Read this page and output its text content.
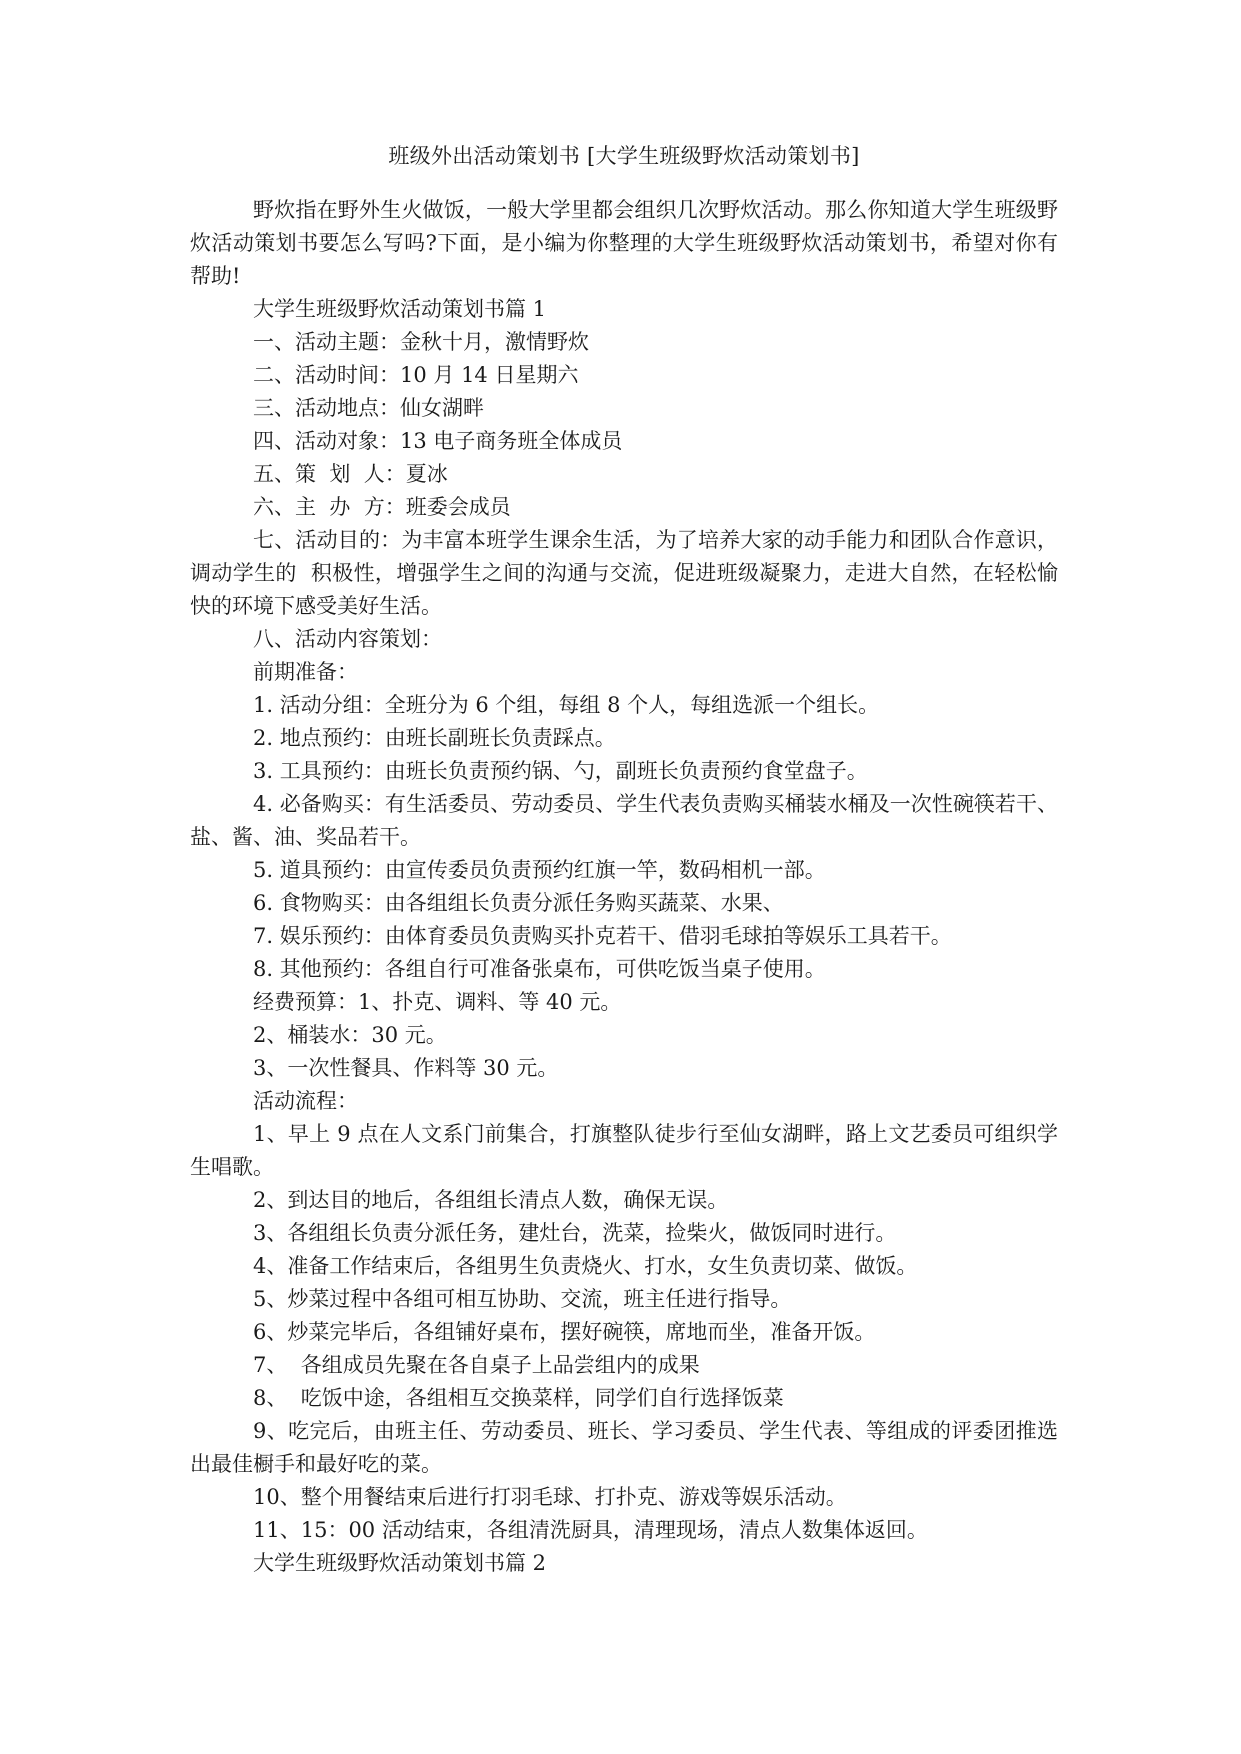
班级外出活动策划书 [大学生班级野炊活动策划书]

野炊指在野外生火做饭，一般大学里都会组织几次野炊活动。那么你知道大学生班级野炊活动策划书要怎么写吗?下面，是小编为你整理的大学生班级野炊活动策划书，希望对你有帮助!

大学生班级野炊活动策划书篇 1

一、活动主题：金秋十月，激情野炊

二、活动时间：10 月 14 日星期六

三、活动地点：仙女湖畔

四、活动对象：13 电子商务班全体成员

五、策  划  人：夏冰

六、主  办  方：班委会成员

七、活动目的：为丰富本班学生课余生活，为了培养大家的动手能力和团队合作意识，调动学生的  积极性，增强学生之间的沟通与交流，促进班级凝聚力，走进大自然，在轻松愉快的环境下感受美好生活。

八、活动内容策划：

前期准备：

1. 活动分组：全班分为 6 个组，每组 8 个人，每组选派一个组长。

2. 地点预约：由班长副班长负责踩点。

3. 工具预约：由班长负责预约锅、勺，副班长负责预约食堂盘子。

4. 必备购买：有生活委员、劳动委员、学生代表负责购买桶装水桶及一次性碗筷若干、盐、酱、油、奖品若干。

5. 道具预约：由宣传委员负责预约红旗一竿，数码相机一部。

6. 食物购买：由各组组长负责分派任务购买蔬菜、水果、

7. 娱乐预约：由体育委员负责购买扑克若干、借羽毛球拍等娱乐工具若干。

8. 其他预约：各组自行可准备张桌布，可供吃饭当桌子使用。

经费预算：1、扑克、调料、等 40 元。

2、桶装水：30 元。

3、一次性餐具、作料等 30 元。

活动流程：

1、早上 9 点在人文系门前集合，打旗整队徒步行至仙女湖畔，路上文艺委员可组织学生唱歌。

2、到达目的地后，各组组长清点人数，确保无误。

3、各组组长负责分派任务，建灶台，洗菜，捡柴火，做饭同时进行。

4、准备工作结束后，各组男生负责烧火、打水，女生负责切菜、做饭。

5、炒菜过程中各组可相互协助、交流，班主任进行指导。

6、炒菜完毕后，各组铺好桌布，摆好碗筷，席地而坐，准备开饭。

7、  各组成员先聚在各自桌子上品尝组内的成果

8、  吃饭中途，各组相互交换菜样，同学们自行选择饭菜

9、吃完后，由班主任、劳动委员、班长、学习委员、学生代表、等组成的评委团推选出最佳橱手和最好吃的菜。

10、整个用餐结束后进行打羽毛球、打扑克、游戏等娱乐活动。

11、15：00 活动结束，各组清洗厨具，清理现场，清点人数集体返回。

大学生班级野炊活动策划书篇 2
